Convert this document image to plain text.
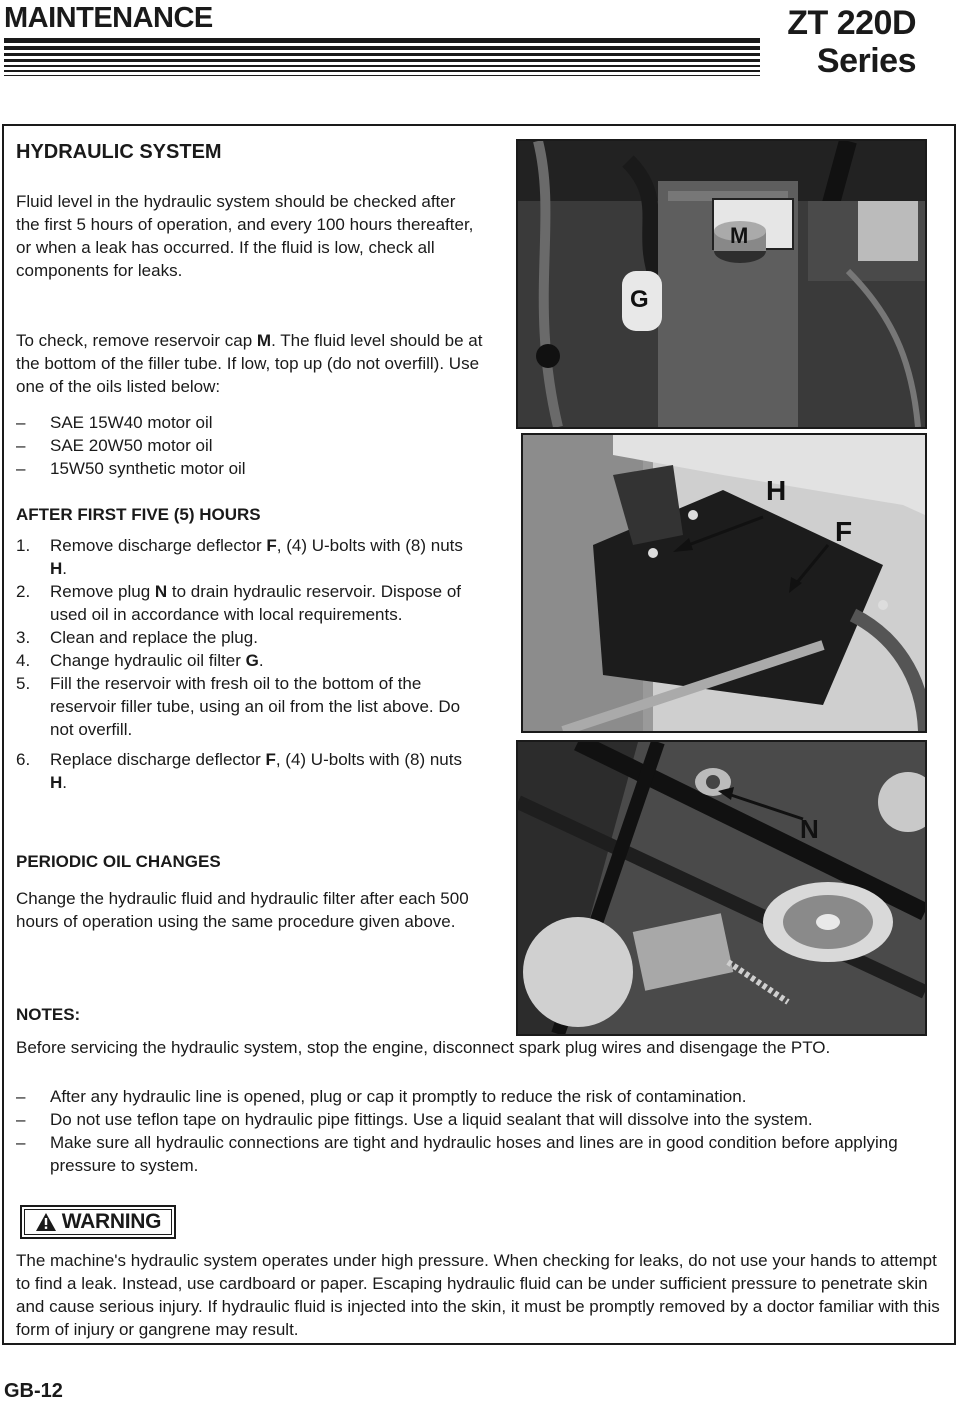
MAINTENANCE	ZT 220D
Series
HYDRAULIC SYSTEM
Fluid level in the hydraulic system should be checked after the first 5 hours of operation, and every 100 hours thereafter, or when a leak has occurred. If the fluid is low, check all components for leaks.
To check, remove reservoir cap M. The fluid level should be at the bottom of the filler tube. If low, top up (do not overfill). Use one of the oils listed below:
– SAE 15W40 motor oil
– SAE 20W50 motor oil
– 15W50 synthetic motor oil
AFTER FIRST FIVE (5) HOURS
1. Remove discharge deflector F, (4) U-bolts with (8) nuts H.
2. Remove plug N to drain hydraulic reservoir. Dispose of used oil in accordance with local requirements.
3. Clean and replace the plug.
4. Change hydraulic oil filter G.
5. Fill the reservoir with fresh oil to the bottom of the reservoir filler tube, using an oil from the list above. Do not overfill.
6. Replace discharge deflector F, (4) U-bolts with (8) nuts H.
PERIODIC OIL CHANGES
Change the hydraulic fluid and hydraulic filter after each 500 hours of operation using the same procedure given above.
NOTES:
Before servicing the hydraulic system, stop the engine, disconnect spark plug wires and disengage the PTO.
– After any hydraulic line is opened, plug or cap it promptly to reduce the risk of contamination.
– Do not use teflon tape on hydraulic pipe fittings. Use a liquid sealant that will dissolve into the system.
– Make sure all hydraulic connections are tight and hydraulic hoses and lines are in good condition before applying pressure to system.
WARNING
The machine's hydraulic system operates under high pressure. When checking for leaks, do not use your hands to attempt to find a leak. Instead, use cardboard or paper. Escaping hydraulic fluid can be under sufficient pressure to penetrate skin and cause serious injury. If hydraulic fluid is injected into the skin, it must be promptly removed by a doctor familiar with this form of injury or gangrene may result.
M
G
H
F
N
GB-12
